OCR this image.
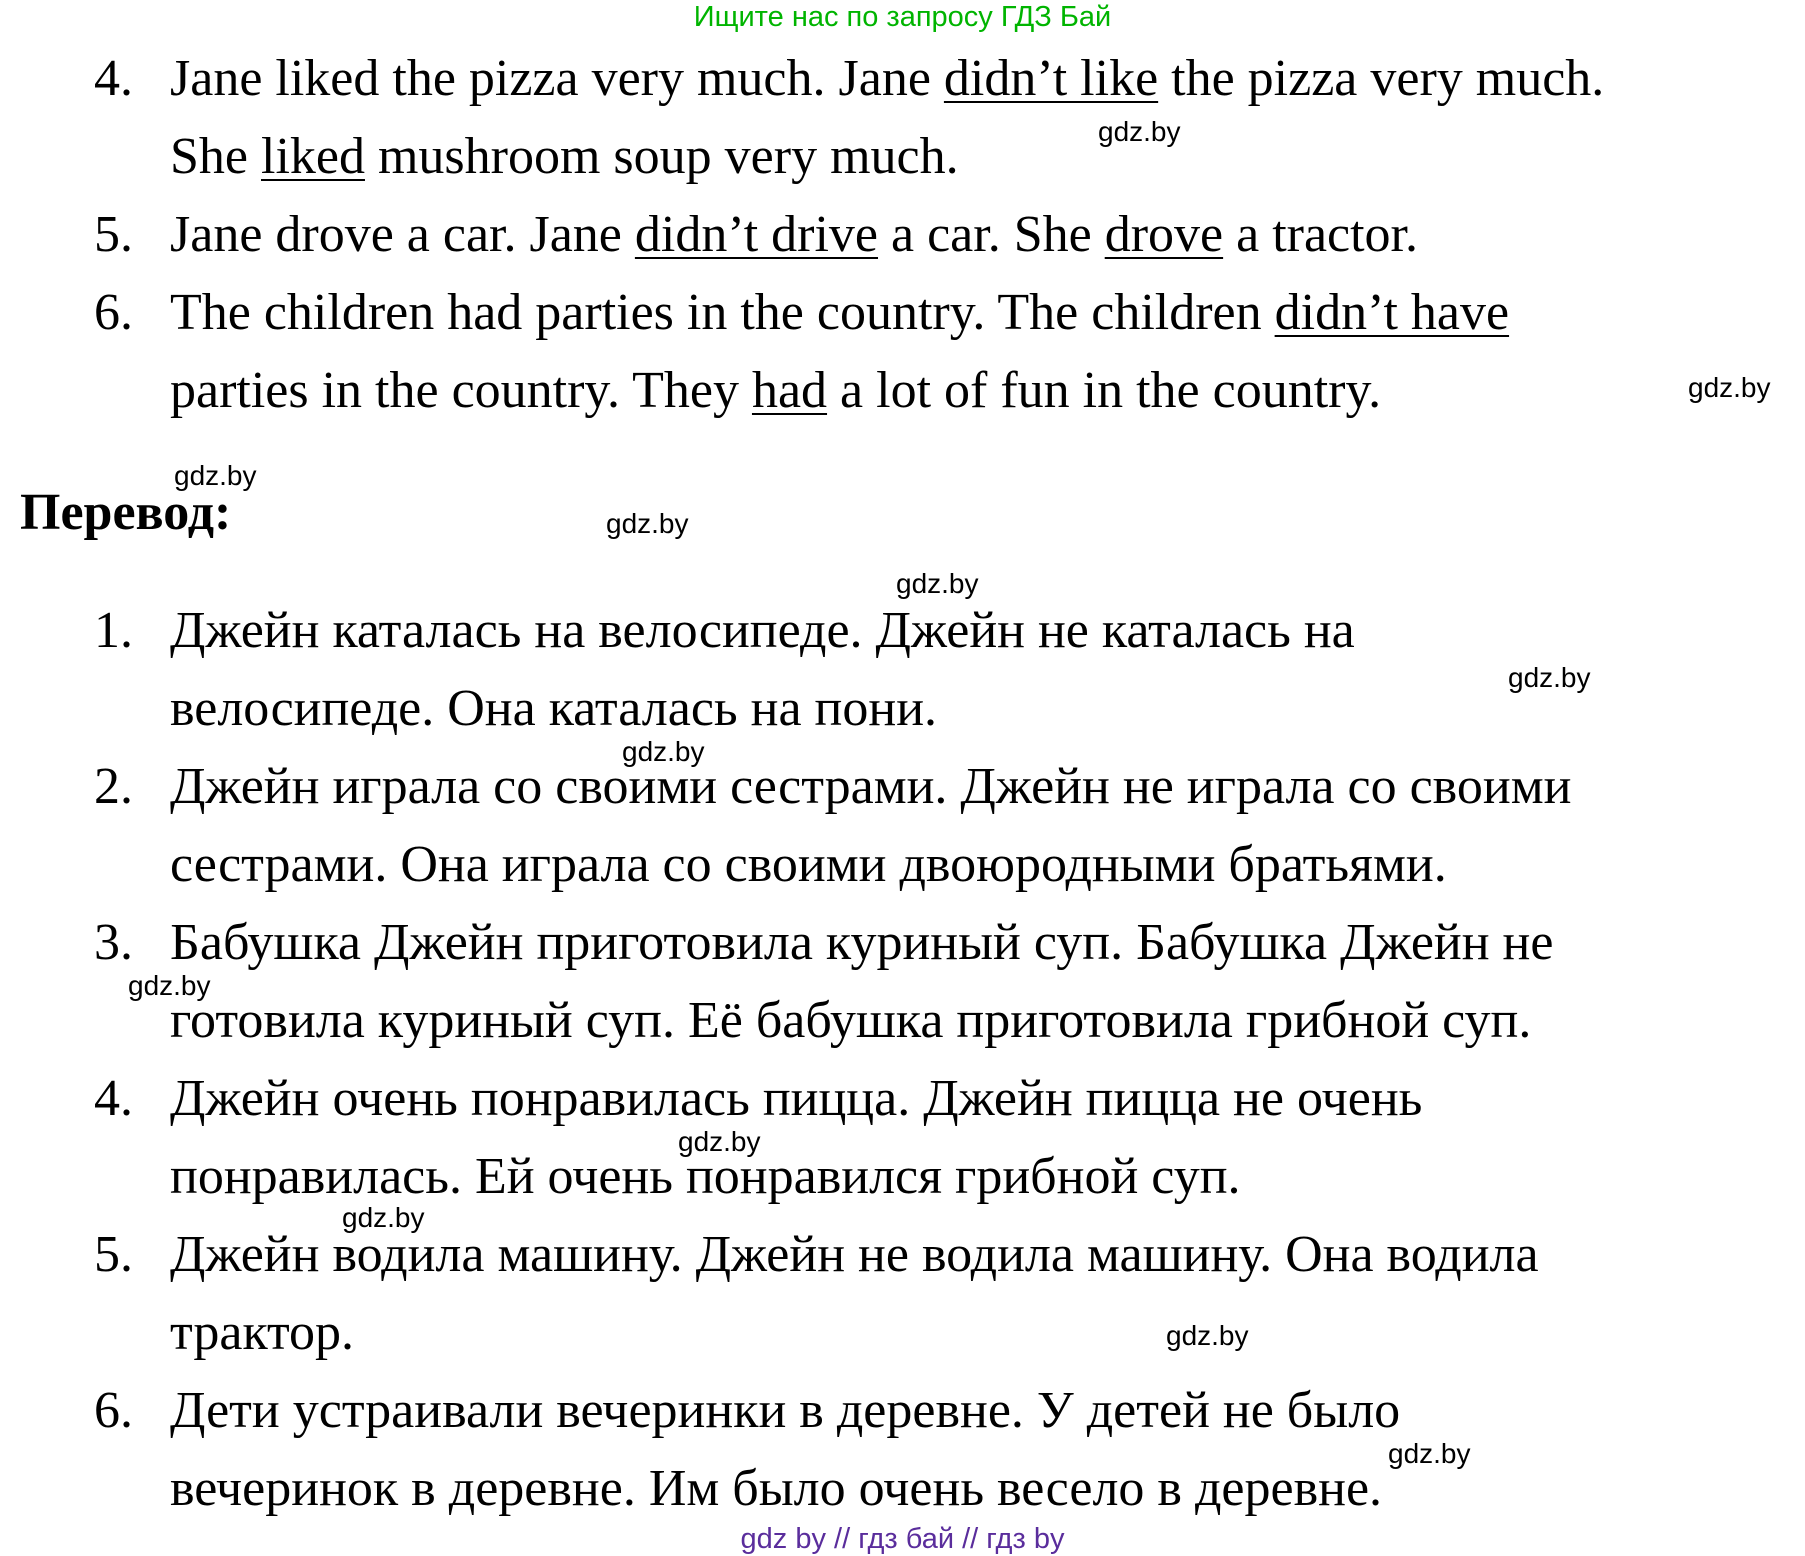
Ищите нас по запросу ГДЗ Бай
4. Jane liked the pizza very much. Jane didn’t like the pizza very much.
She liked mushroom soup very much.
5. Jane drove a car. Jane didn’t drive a car. She drove a tractor.
6. The children had parties in the country. The children didn’t have
parties in the country. They had a lot of fun in the country.
Перевод:
1. Джейн каталась на велосипеде. Джейн не каталась на
велосипеде. Она каталась на пони.
2. Джейн играла со своими сестрами. Джейн не играла со своими
сестрами. Она играла со своими двоюродными братьями.
3. Бабушка Джейн приготовила куриный суп. Бабушка Джейн не
готовила куриный суп. Её бабушка приготовила грибной суп.
4. Джейн очень понравилась пицца. Джейн пицца не очень
понравилась. Ей очень понравился грибной суп.
5. Джейн водила машину. Джейн не водила машину. Она водила
трактор.
6. Дети устраивали вечеринки в деревне. У детей не было
вечеринок в деревне. Им было очень весело в деревне.
gdz.by
gdz.by
gdz.by
gdz.by
gdz.by
gdz.by
gdz.by
gdz.by
gdz.by
gdz.by
gdz.by
gdz.by
gdz by // гдз бай // гдз by
